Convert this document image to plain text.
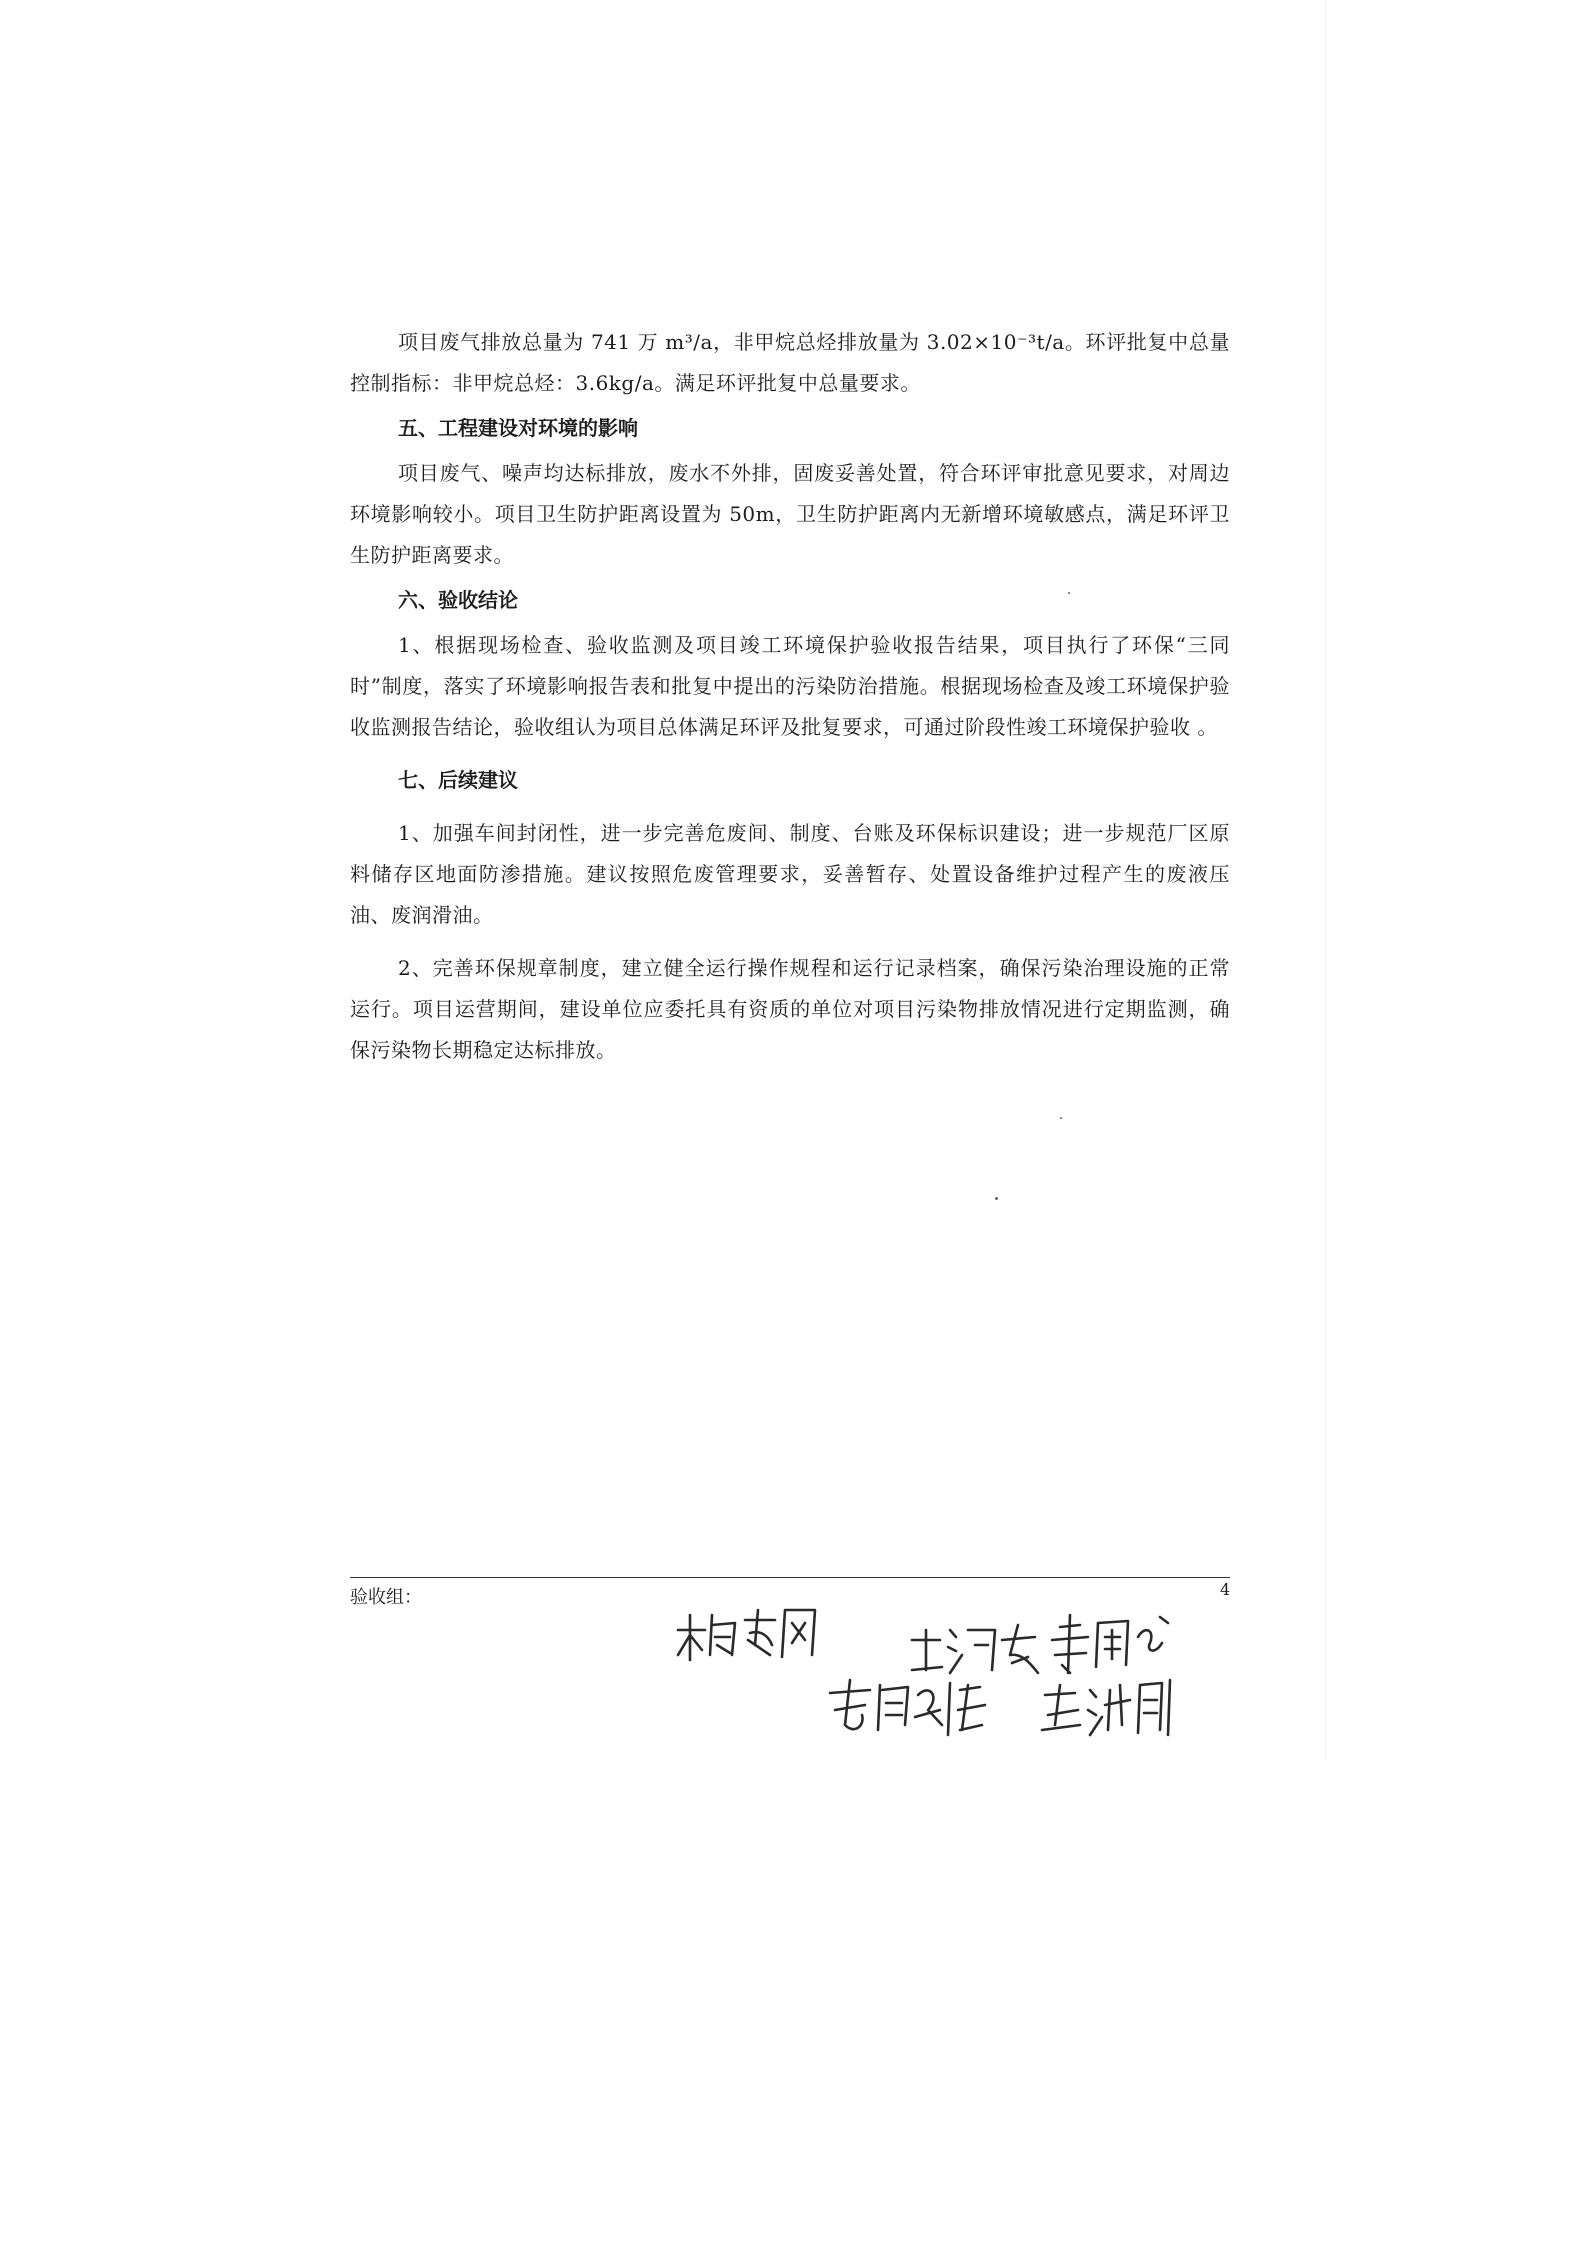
项目废气排放总量为 741 万 m³/a，非甲烷总烃排放量为 3.02×10⁻³t/a。环评批复中总量控制指标：非甲烷总烃：3.6kg/a。满足环评批复中总量要求。

五、工程建设对环境的影响

项目废气、噪声均达标排放，废水不外排，固废妥善处置，符合环评审批意见要求，对周边环境影响较小。项目卫生防护距离设置为 50m，卫生防护距离内无新增环境敏感点，满足环评卫生防护距离要求。

六、验收结论

1、根据现场检查、验收监测及项目竣工环境保护验收报告结果，项目执行了环保“三同时”制度，落实了环境影响报告表和批复中提出的污染防治措施。根据现场检查及竣工环境保护验收监测报告结论，验收组认为项目总体满足环评及批复要求，可通过阶段性竣工环境保护验收 。

七、后续建议

1、加强车间封闭性，进一步完善危废间、制度、台账及环保标识建设；进一步规范厂区原料储存区地面防渗措施。建议按照危废管理要求，妥善暂存、处置设备维护过程产生的废液压油、废润滑油。

2、完善环保规章制度，建立健全运行操作规程和运行记录档案，确保污染治理设施的正常运行。项目运营期间，建设单位应委托具有资质的单位对项目污染物排放情况进行定期监测，确保污染物长期稳定达标排放。

验收组：	4
